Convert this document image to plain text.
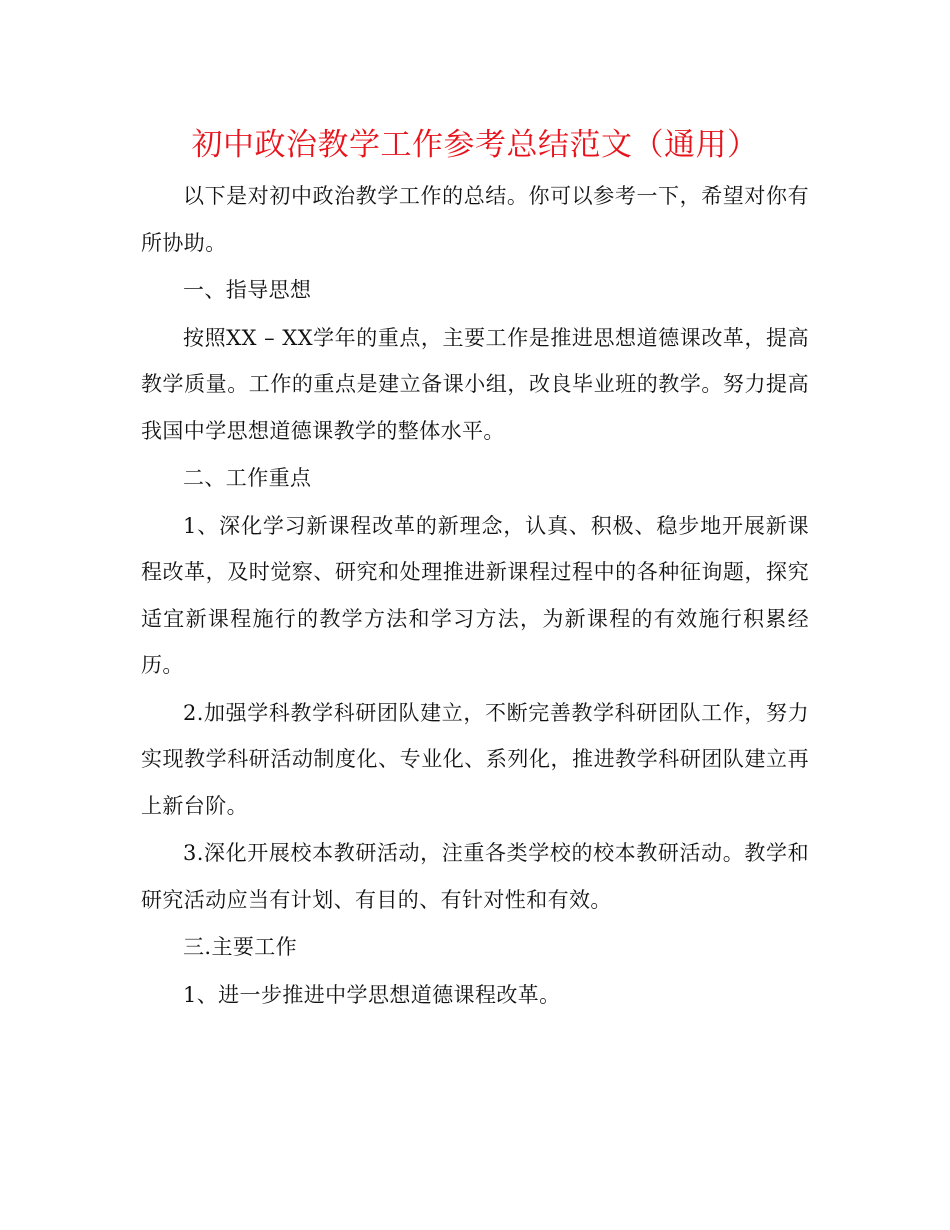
初中政治教学工作参考总结范文（通用）

以下是对初中政治教学工作的总结。你可以参考一下，希望对你有所协助。

一、指导思想

按照XX – XX学年的重点，主要工作是推进思想道德课改革，提高教学质量。工作的重点是建立备课小组，改良毕业班的教学。努力提高我国中学思想道德课教学的整体水平。

二、工作重点

1、深化学习新课程改革的新理念，认真、积极、稳步地开展新课程改革，及时觉察、研究和处理推进新课程过程中的各种征询题，探究适宜新课程施行的教学方法和学习方法，为新课程的有效施行积累经历。

2.加强学科教学科研团队建立，不断完善教学科研团队工作，努力实现教学科研活动制度化、专业化、系列化，推进教学科研团队建立再上新台阶。

3.深化开展校本教研活动，注重各类学校的校本教研活动。教学和研究活动应当有计划、有目的、有针对性和有效。

三.主要工作

1、进一步推进中学思想道德课程改革。
